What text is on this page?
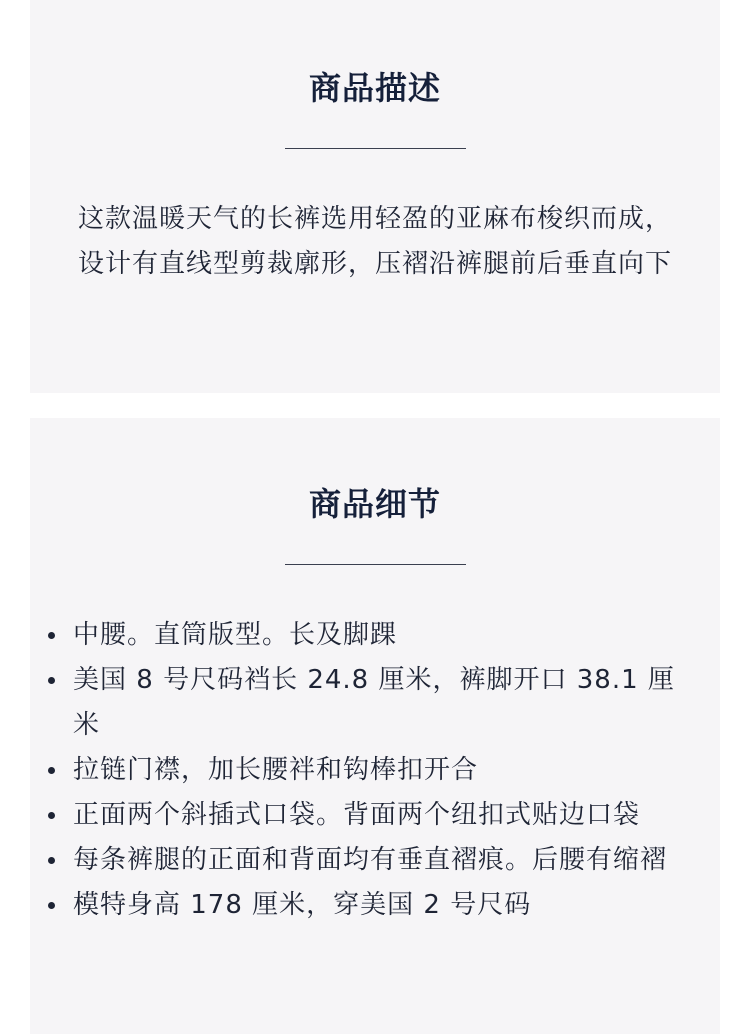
商品描述

这款温暖天气的长裤选用轻盈的亚麻布梭织而成，设计有直线型剪裁廓形，压褶沿裤腿前后垂直向下

商品细节
中腰。直筒版型。长及脚踝
美国 8 号尺码裆长 24.8 厘米，裤脚开口 38.1 厘米
拉链门襟，加长腰袢和钩棒扣开合
正面两个斜插式口袋。背面两个纽扣式贴边口袋
每条裤腿的正面和背面均有垂直褶痕。后腰有缩褶
模特身高 178 厘米，穿美国 2 号尺码
